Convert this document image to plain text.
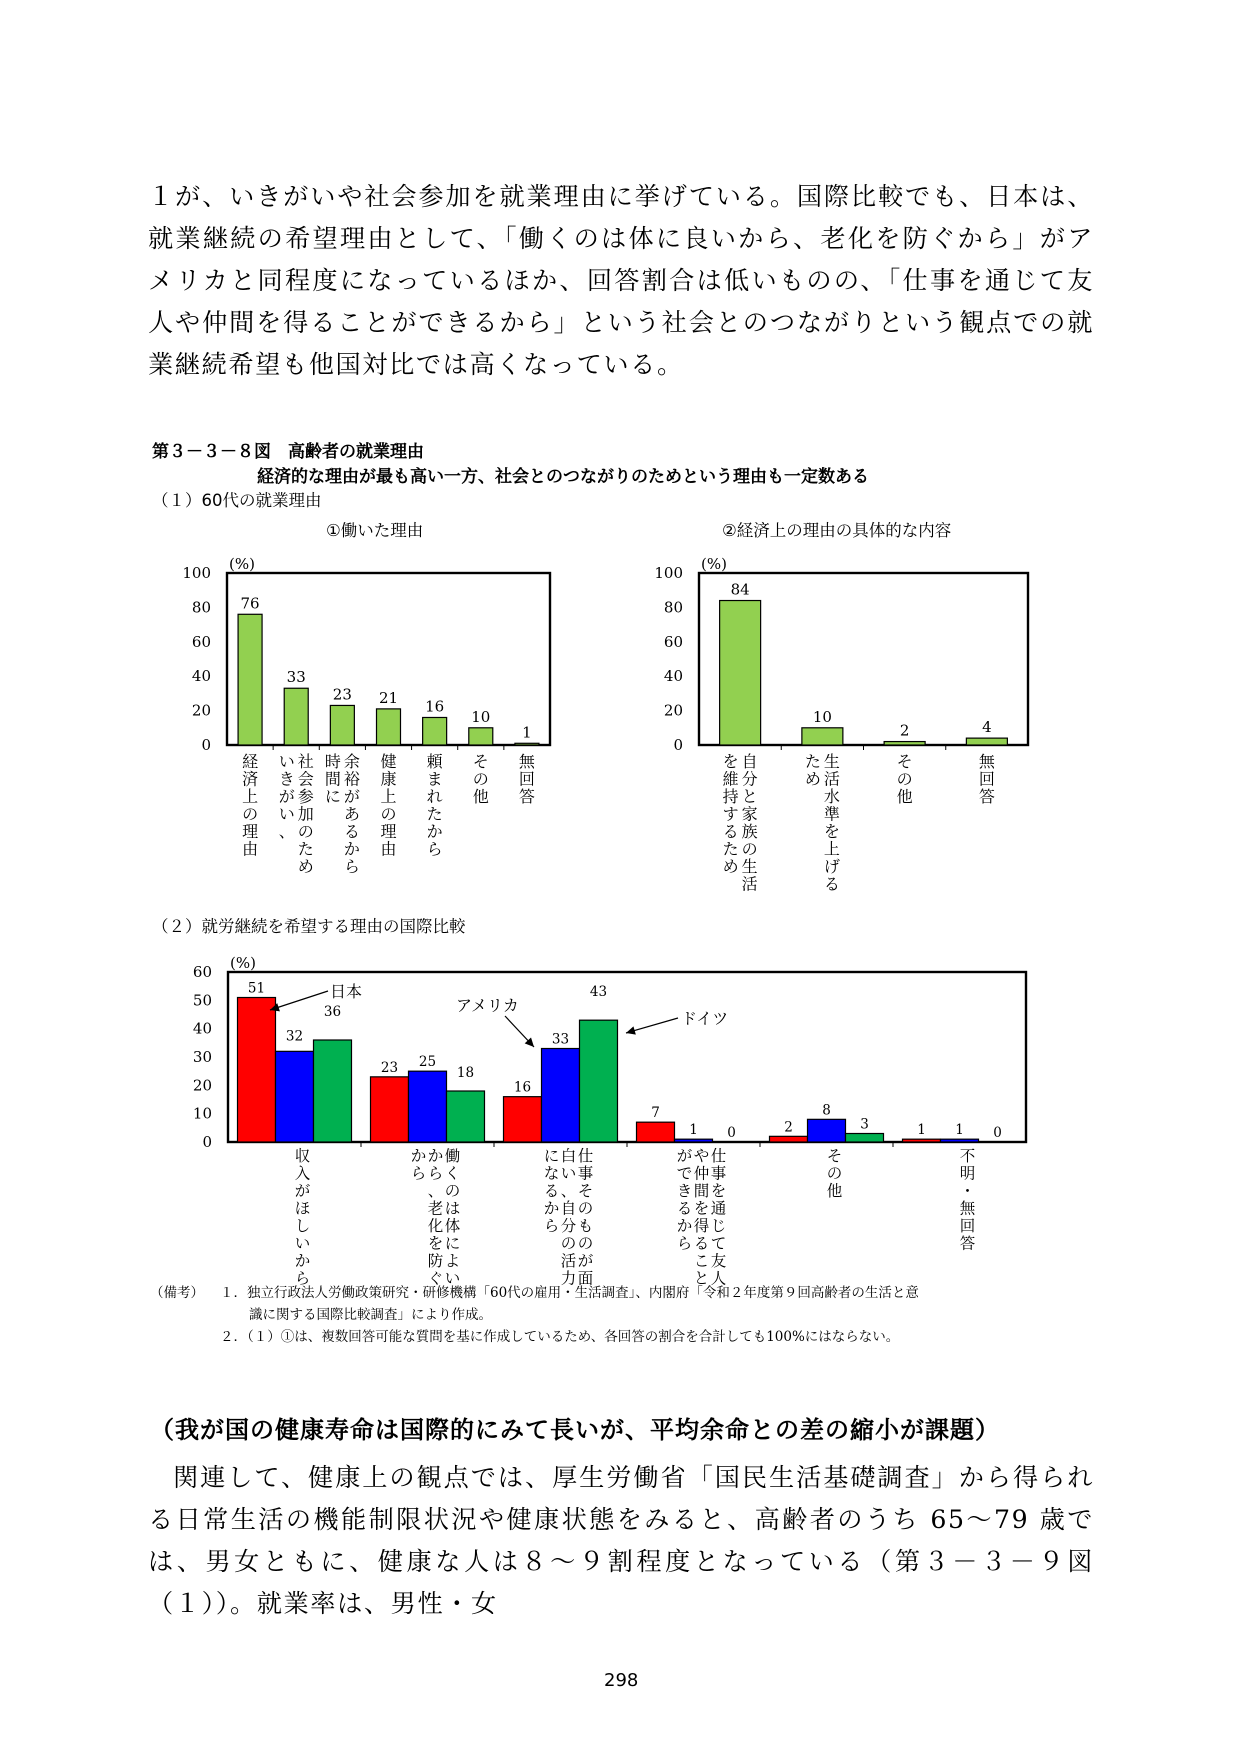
１が、いきがいや社会参加を就業理由に挙げている。国際比較でも、日本は、就業継続の希望理由として、「働くのは体に良いから、老化を防ぐから」がアメリカと同程度になっているほか、回答割合は低いものの、「仕事を通じて友人や仲間を得ることができるから」という社会とのつながりという観点での就業継続希望も他国対比では高くなっている。

第３－３－８図　高齢者の就業理由
経済的な理由が最も高い一方、社会とのつながりのためという理由も一定数ある
（１）60代の就業理由
①働いた理由	②経済上の理由の具体的な内容
0
20
40
60
80
100 (%)
76
経
済
上
の
理
由
33
社
会
参
加
の
た
め
い
き
が
い
、
23
余
裕
が
あ
る
か
ら
時
間
に
21
健
康
上
の
理
由
16
頼
ま
れ
た
か
ら
10
そ
の
他
1
無
回
答
0
20
40
60
80
100 (%)
84
自
分
と
家
族
の
生
活
を
維
持
す
る
た
め
10
生
活
水
準
を
上
げ
る
た
め
2
そ
の
他
4
無
回
答
（２）就労継続を希望する理由の国際比較
0
10
20
30
40
50
60 (%)
51
32
36
収
入
が
ほ
し
い
か
ら
23 25
18
働
く
の
は
体
に
よ
い
か
ら
、
老
化
を
防
ぐ
か
ら
16
33
43
仕
事
そ
の
も
の
が
面
白
い
、
自
分
の
活
力
に
な
る
か
ら
7
1 0
仕
事
を
通
じ
て
友
人
や
仲
間
を
得
る
こ
と
が
で
き
る
か
ら
2
8
3
そ
の
他
1 1 0
不
明
・
無
回
答
日本
アメリカ
ドイツ
（備考） １．独立行政法人労働政策研究・研修機構「60代の雇用・生活調査」、内閣府「令和２年度第９回高齢者の生活と意
識に関する国際比較調査」により作成。
２．（１）①は、複数回答可能な質問を基に作成しているため、各回答の割合を合計しても100%にはならない。
（我が国の健康寿命は国際的にみて長いが、平均余命との差の縮小が課題）

関連して、健康上の観点では、厚生労働省「国民生活基礎調査」から得られる日常生活の機能制限状況や健康状態をみると、高齢者のうち 65～79 歳では、男女ともに、健康な人は８～９割程度となっている（第３－３－９図（１））。就業率は、男性・女

298
